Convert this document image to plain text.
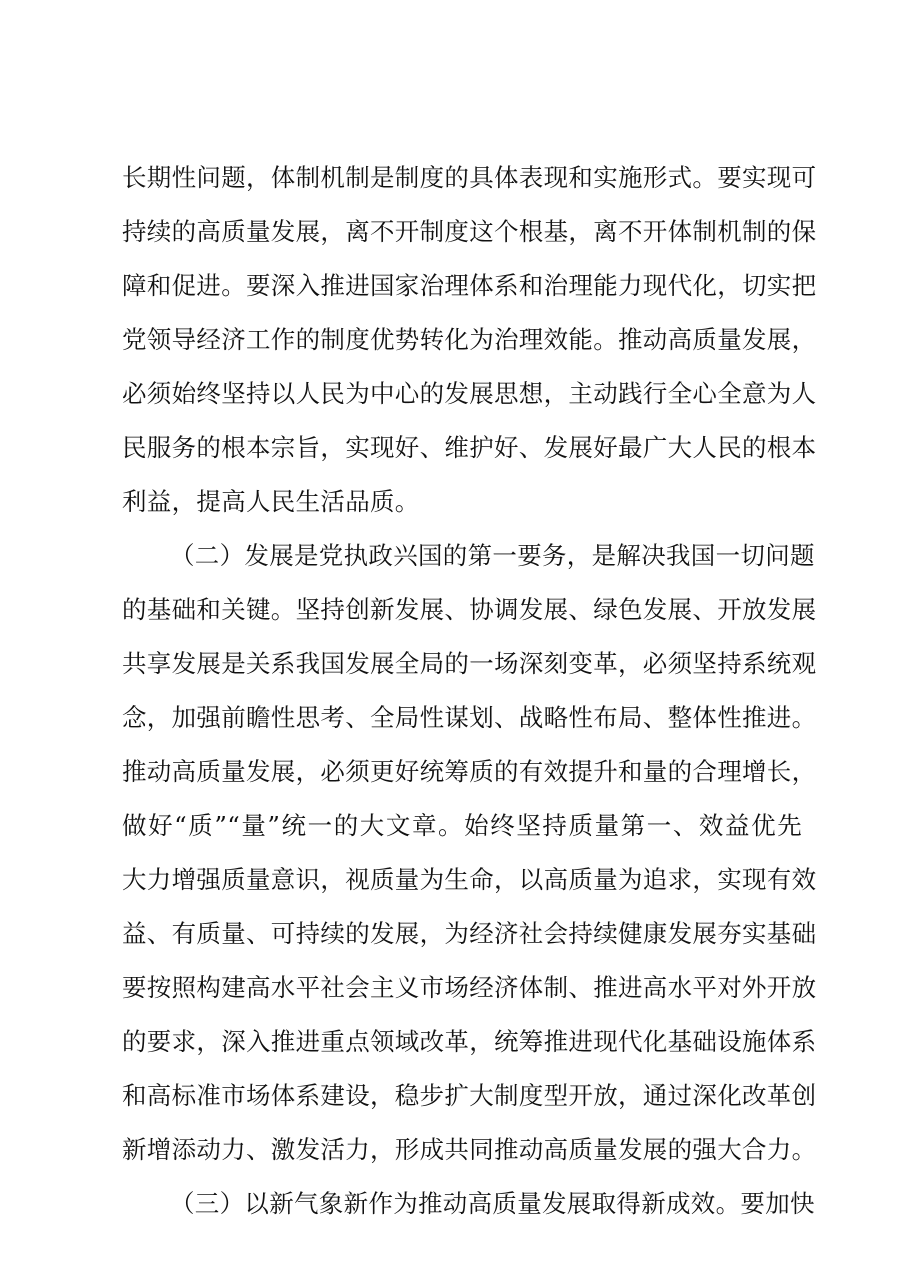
长期性问题，体制机制是制度的具体表现和实施形式。要实现可
持续的高质量发展，离不开制度这个根基，离不开体制机制的保
障和促进。要深入推进国家治理体系和治理能力现代化，切实把
党领导经济工作的制度优势转化为治理效能。推动高质量发展，
必须始终坚持以人民为中心的发展思想，主动践行全心全意为人
民服务的根本宗旨，实现好、维护好、发展好最广大人民的根本
利益，提高人民生活品质。
（二）发展是党执政兴国的第一要务，是解决我国一切问题
的基础和关键。坚持创新发展、协调发展、绿色发展、开放发展
共享发展是关系我国发展全局的一场深刻变革，必须坚持系统观
念，加强前瞻性思考、全局性谋划、战略性布局、整体性推进。
推动高质量发展，必须更好统筹质的有效提升和量的合理增长，
做好“质”“量”统一的大文章。始终坚持质量第一、效益优先
大力增强质量意识，视质量为生命，以高质量为追求，实现有效
益、有质量、可持续的发展，为经济社会持续健康发展夯实基础
要按照构建高水平社会主义市场经济体制、推进高水平对外开放
的要求，深入推进重点领域改革，统筹推进现代化基础设施体系
和高标准市场体系建设，稳步扩大制度型开放，通过深化改革创
新增添动力、激发活力，形成共同推动高质量发展的强大合力。
（三）以新气象新作为推动高质量发展取得新成效。要加快
